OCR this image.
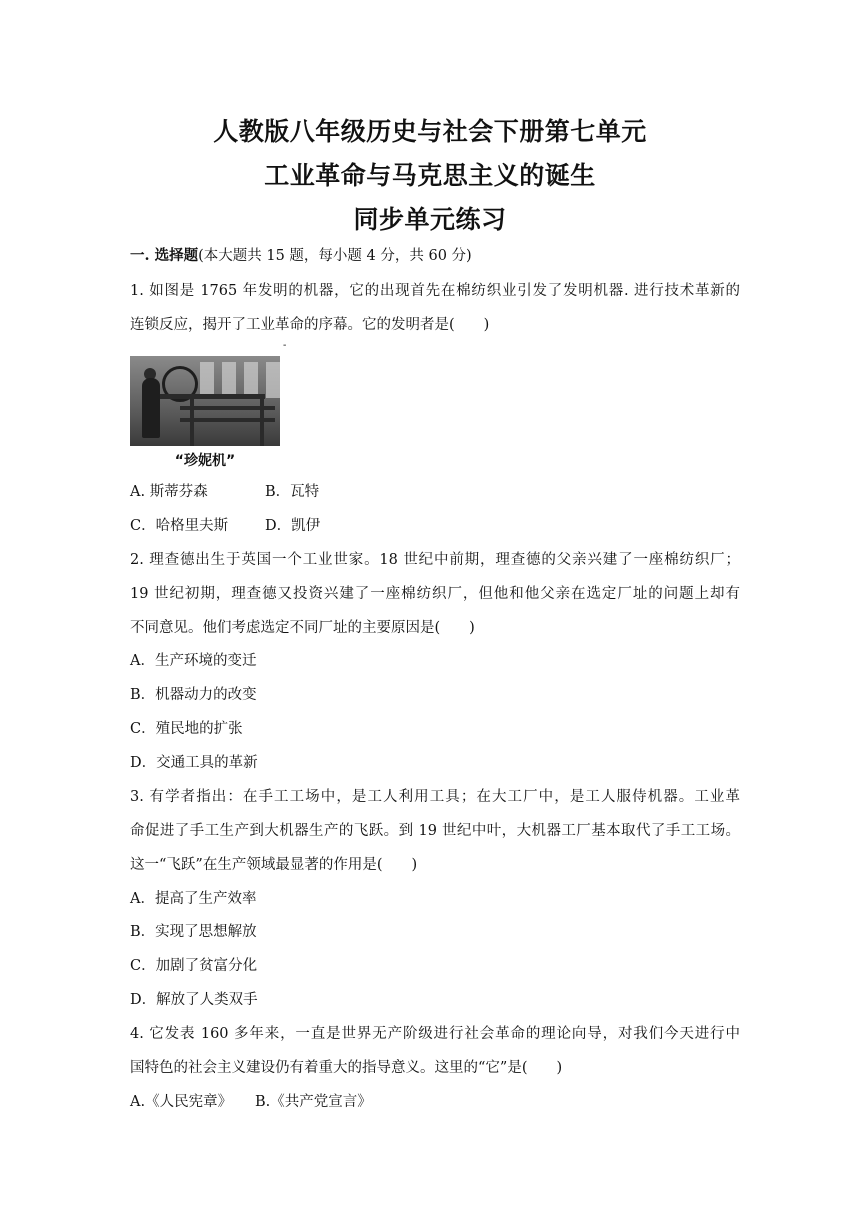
人教版八年级历史与社会下册第七单元
工业革命与马克思主义的诞生
同步单元练习
一. 选择题(本大题共 15 题，每小题 4 分，共 60 分)
1. 如图是 1765 年发明的机器，它的出现首先在棉纺织业引发了发明机器. 进行技术革新的
连锁反应，揭开了工业革命的序幕。它的发明者是(　　)
-
“珍妮机”
A. 斯蒂芬森	B．瓦特
C．哈格里夫斯	D．凯伊
2. 理查德出生于英国一个工业世家。18 世纪中前期，理查德的父亲兴建了一座棉纺织厂；
19 世纪初期，理查德又投资兴建了一座棉纺织厂，但他和他父亲在选定厂址的问题上却有
不同意见。他们考虑选定不同厂址的主要原因是(　　)
A．生产环境的变迁
B．机器动力的改变
C．殖民地的扩张
D．交通工具的革新
3. 有学者指出：在手工工场中，是工人利用工具；在大工厂中，是工人服侍机器。工业革
命促进了手工生产到大机器生产的飞跃。到 19 世纪中叶，大机器工厂基本取代了手工工场。
这一“飞跃”在生产领域最显著的作用是(　　)
A．提高了生产效率
B．实现了思想解放
C．加剧了贫富分化
D．解放了人类双手
4. 它发表 160 多年来，一直是世界无产阶级进行社会革命的理论向导，对我们今天进行中
国特色的社会主义建设仍有着重大的指导意义。这里的“它”是(　　)
A.《人民宪章》 B.《共产党宣言》
